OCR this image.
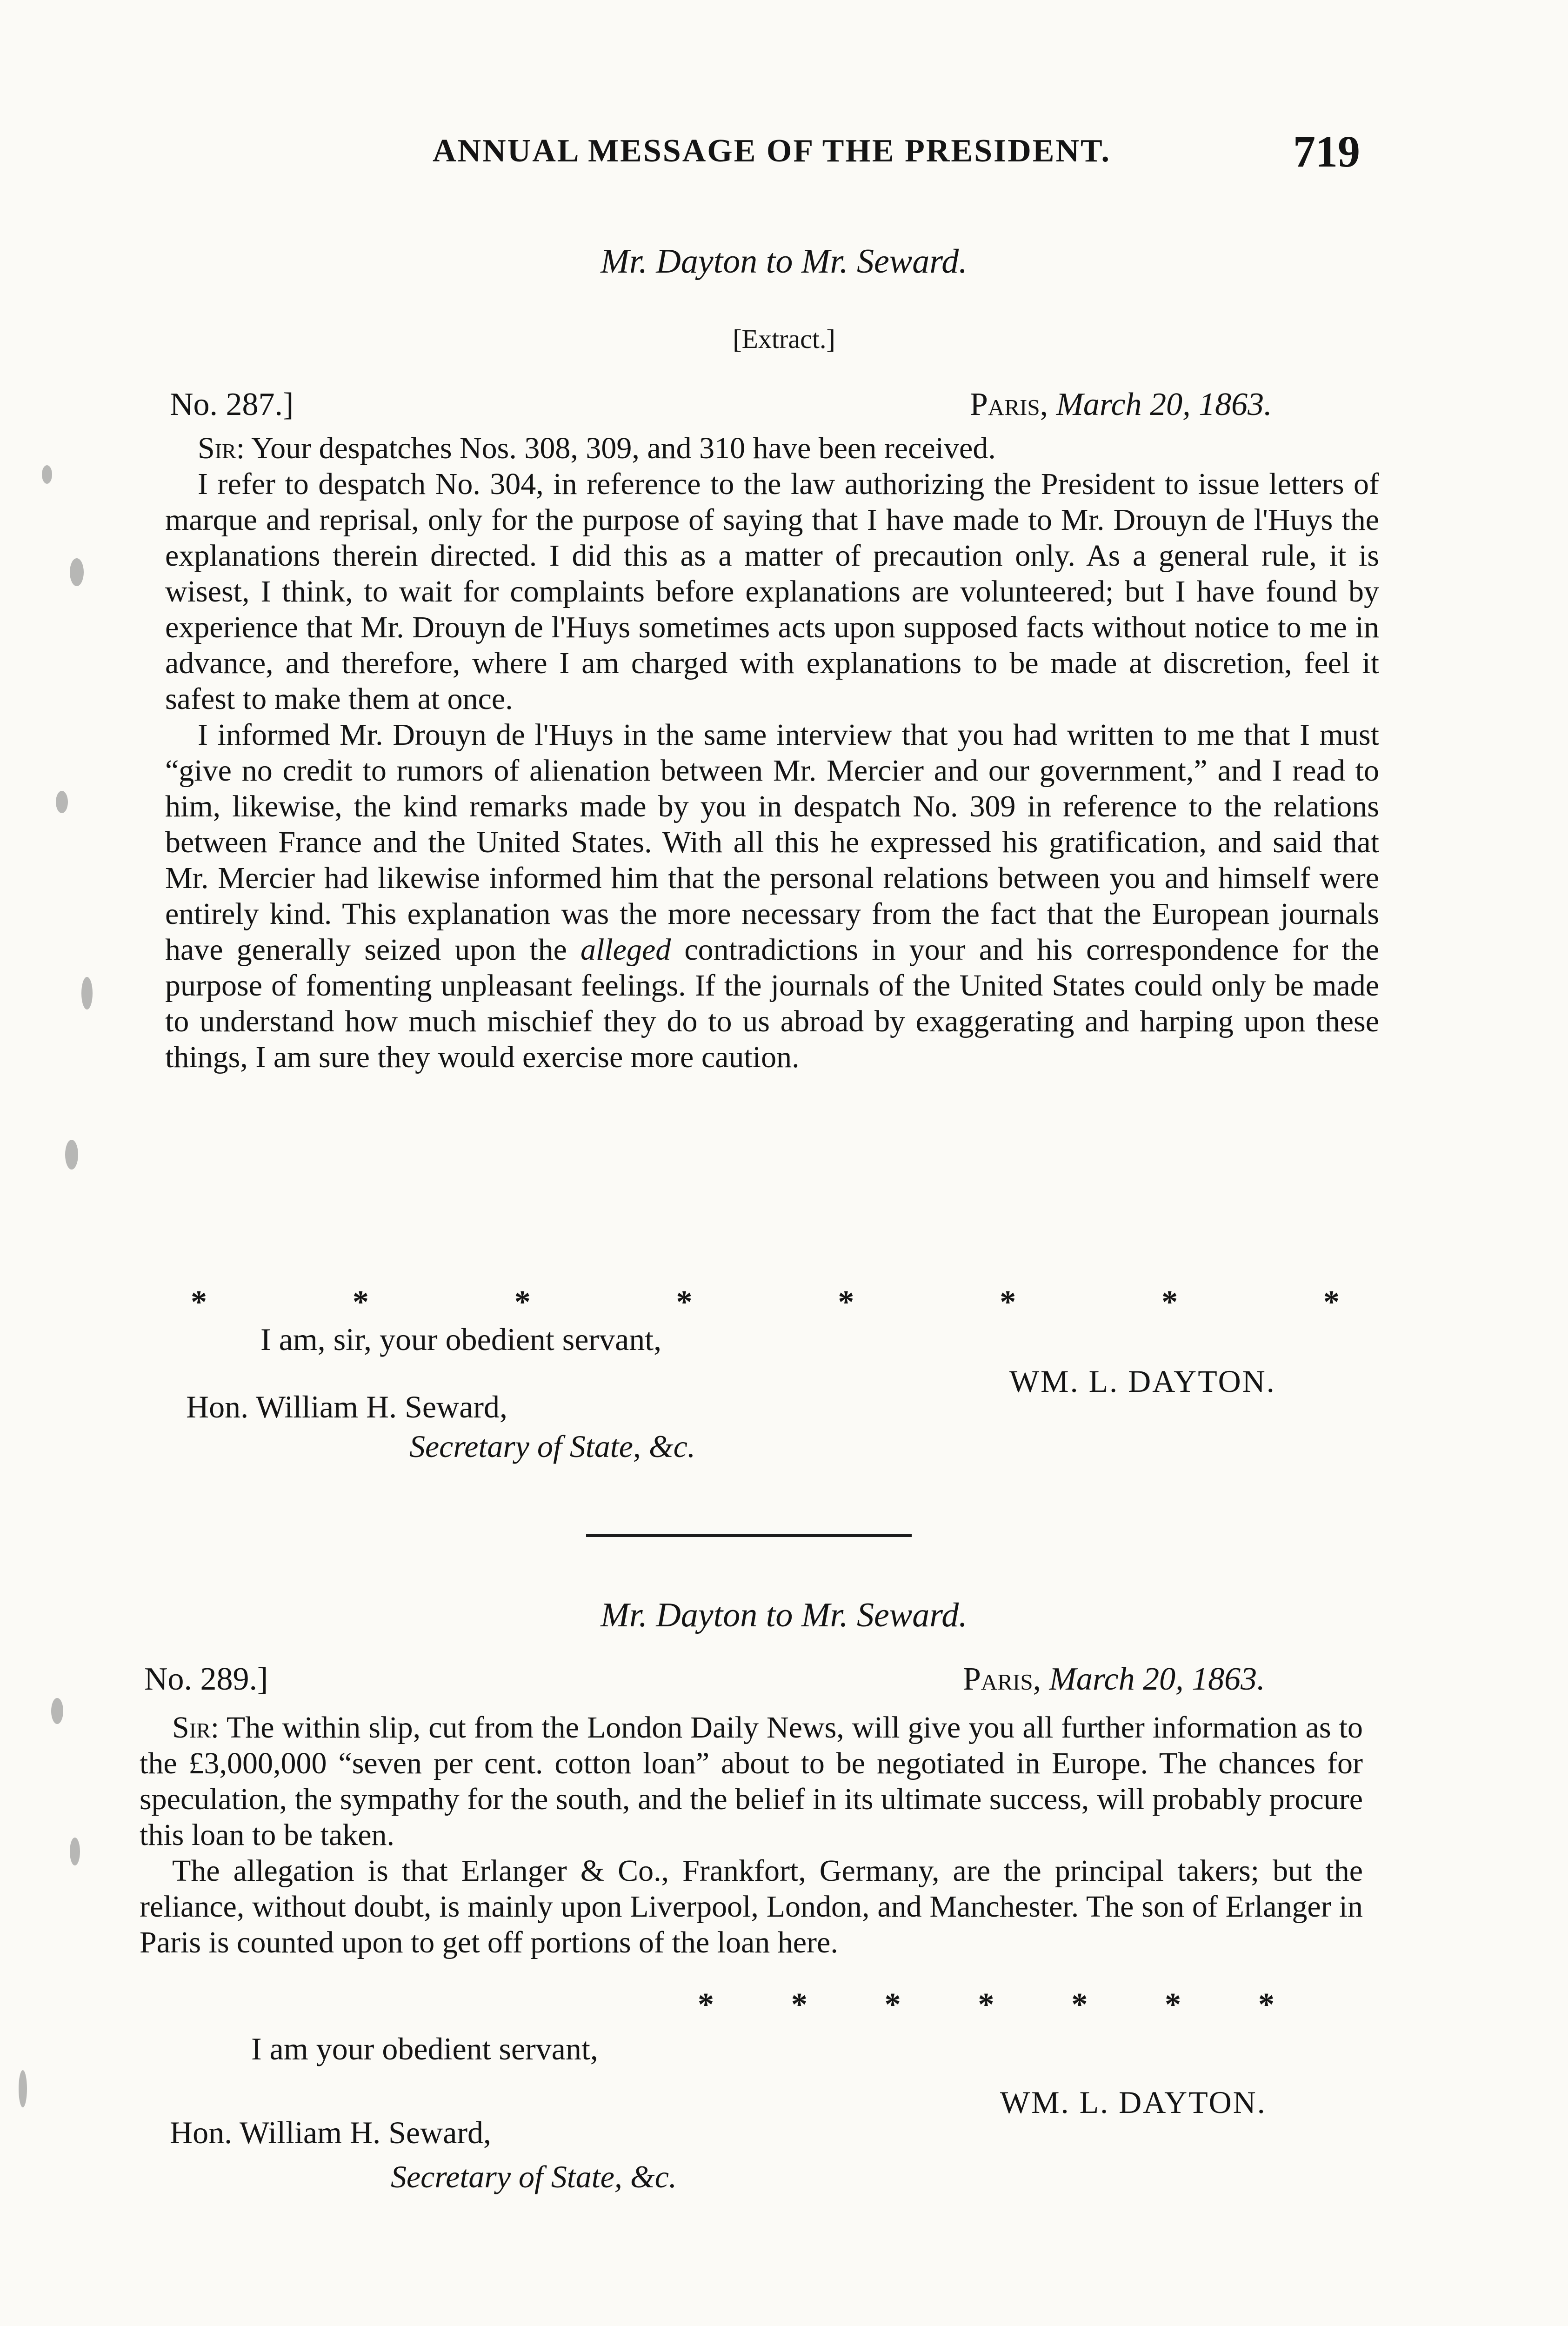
ANNUAL MESSAGE OF THE PRESIDENT.	719
Mr. Dayton to Mr. Seward.
[Extract.]
No. 287.]	Paris, March 20, 1863.

Sir: Your despatches Nos. 308, 309, and 310 have been received.

I refer to despatch No. 304, in reference to the law authorizing the President to issue letters of marque and reprisal, only for the purpose of saying that I have made to Mr. Drouyn de l'Huys the explanations therein directed. I did this as a matter of precaution only. As a general rule, it is wisest, I think, to wait for complaints before explanations are volunteered; but I have found by experience that Mr. Drouyn de l'Huys sometimes acts upon supposed facts without notice to me in advance, and therefore, where I am charged with explanations to be made at discretion, feel it safest to make them at once.

I informed Mr. Drouyn de l'Huys in the same interview that you had written to me that I must “give no credit to rumors of alienation between Mr. Mercier and our government,” and I read to him, likewise, the kind remarks made by you in despatch No. 309 in reference to the relations between France and the United States. With all this he expressed his gratification, and said that Mr. Mercier had likewise informed him that the personal relations between you and himself were entirely kind. This explanation was the more necessary from the fact that the European journals have generally seized upon the alleged contradictions in your and his correspondence for the purpose of fomenting unpleasant feelings. If the journals of the United States could only be made to understand how much mischief they do to us abroad by exaggerating and harping upon these things, I am sure they would exercise more caution.

*	*	*	*	*	*	*	*
I am, sir, your obedient servant,
WM. L. DAYTON.
Hon. William H. Seward,
Secretary of State, &c.
Mr. Dayton to Mr. Seward.
No. 289.]	Paris, March 20, 1863.

Sir: The within slip, cut from the London Daily News, will give you all further information as to the £3,000,000 “seven per cent. cotton loan” about to be negotiated in Europe. The chances for speculation, the sympathy for the south, and the belief in its ultimate success, will probably procure this loan to be taken.

The allegation is that Erlanger & Co., Frankfort, Germany, are the principal takers; but the reliance, without doubt, is mainly upon Liverpool, London, and Manchester. The son of Erlanger in Paris is counted upon to get off portions of the loan here.

* * * * * * *
I am your obedient servant,
WM. L. DAYTON.
Hon. William H. Seward,
Secretary of State, &c.
